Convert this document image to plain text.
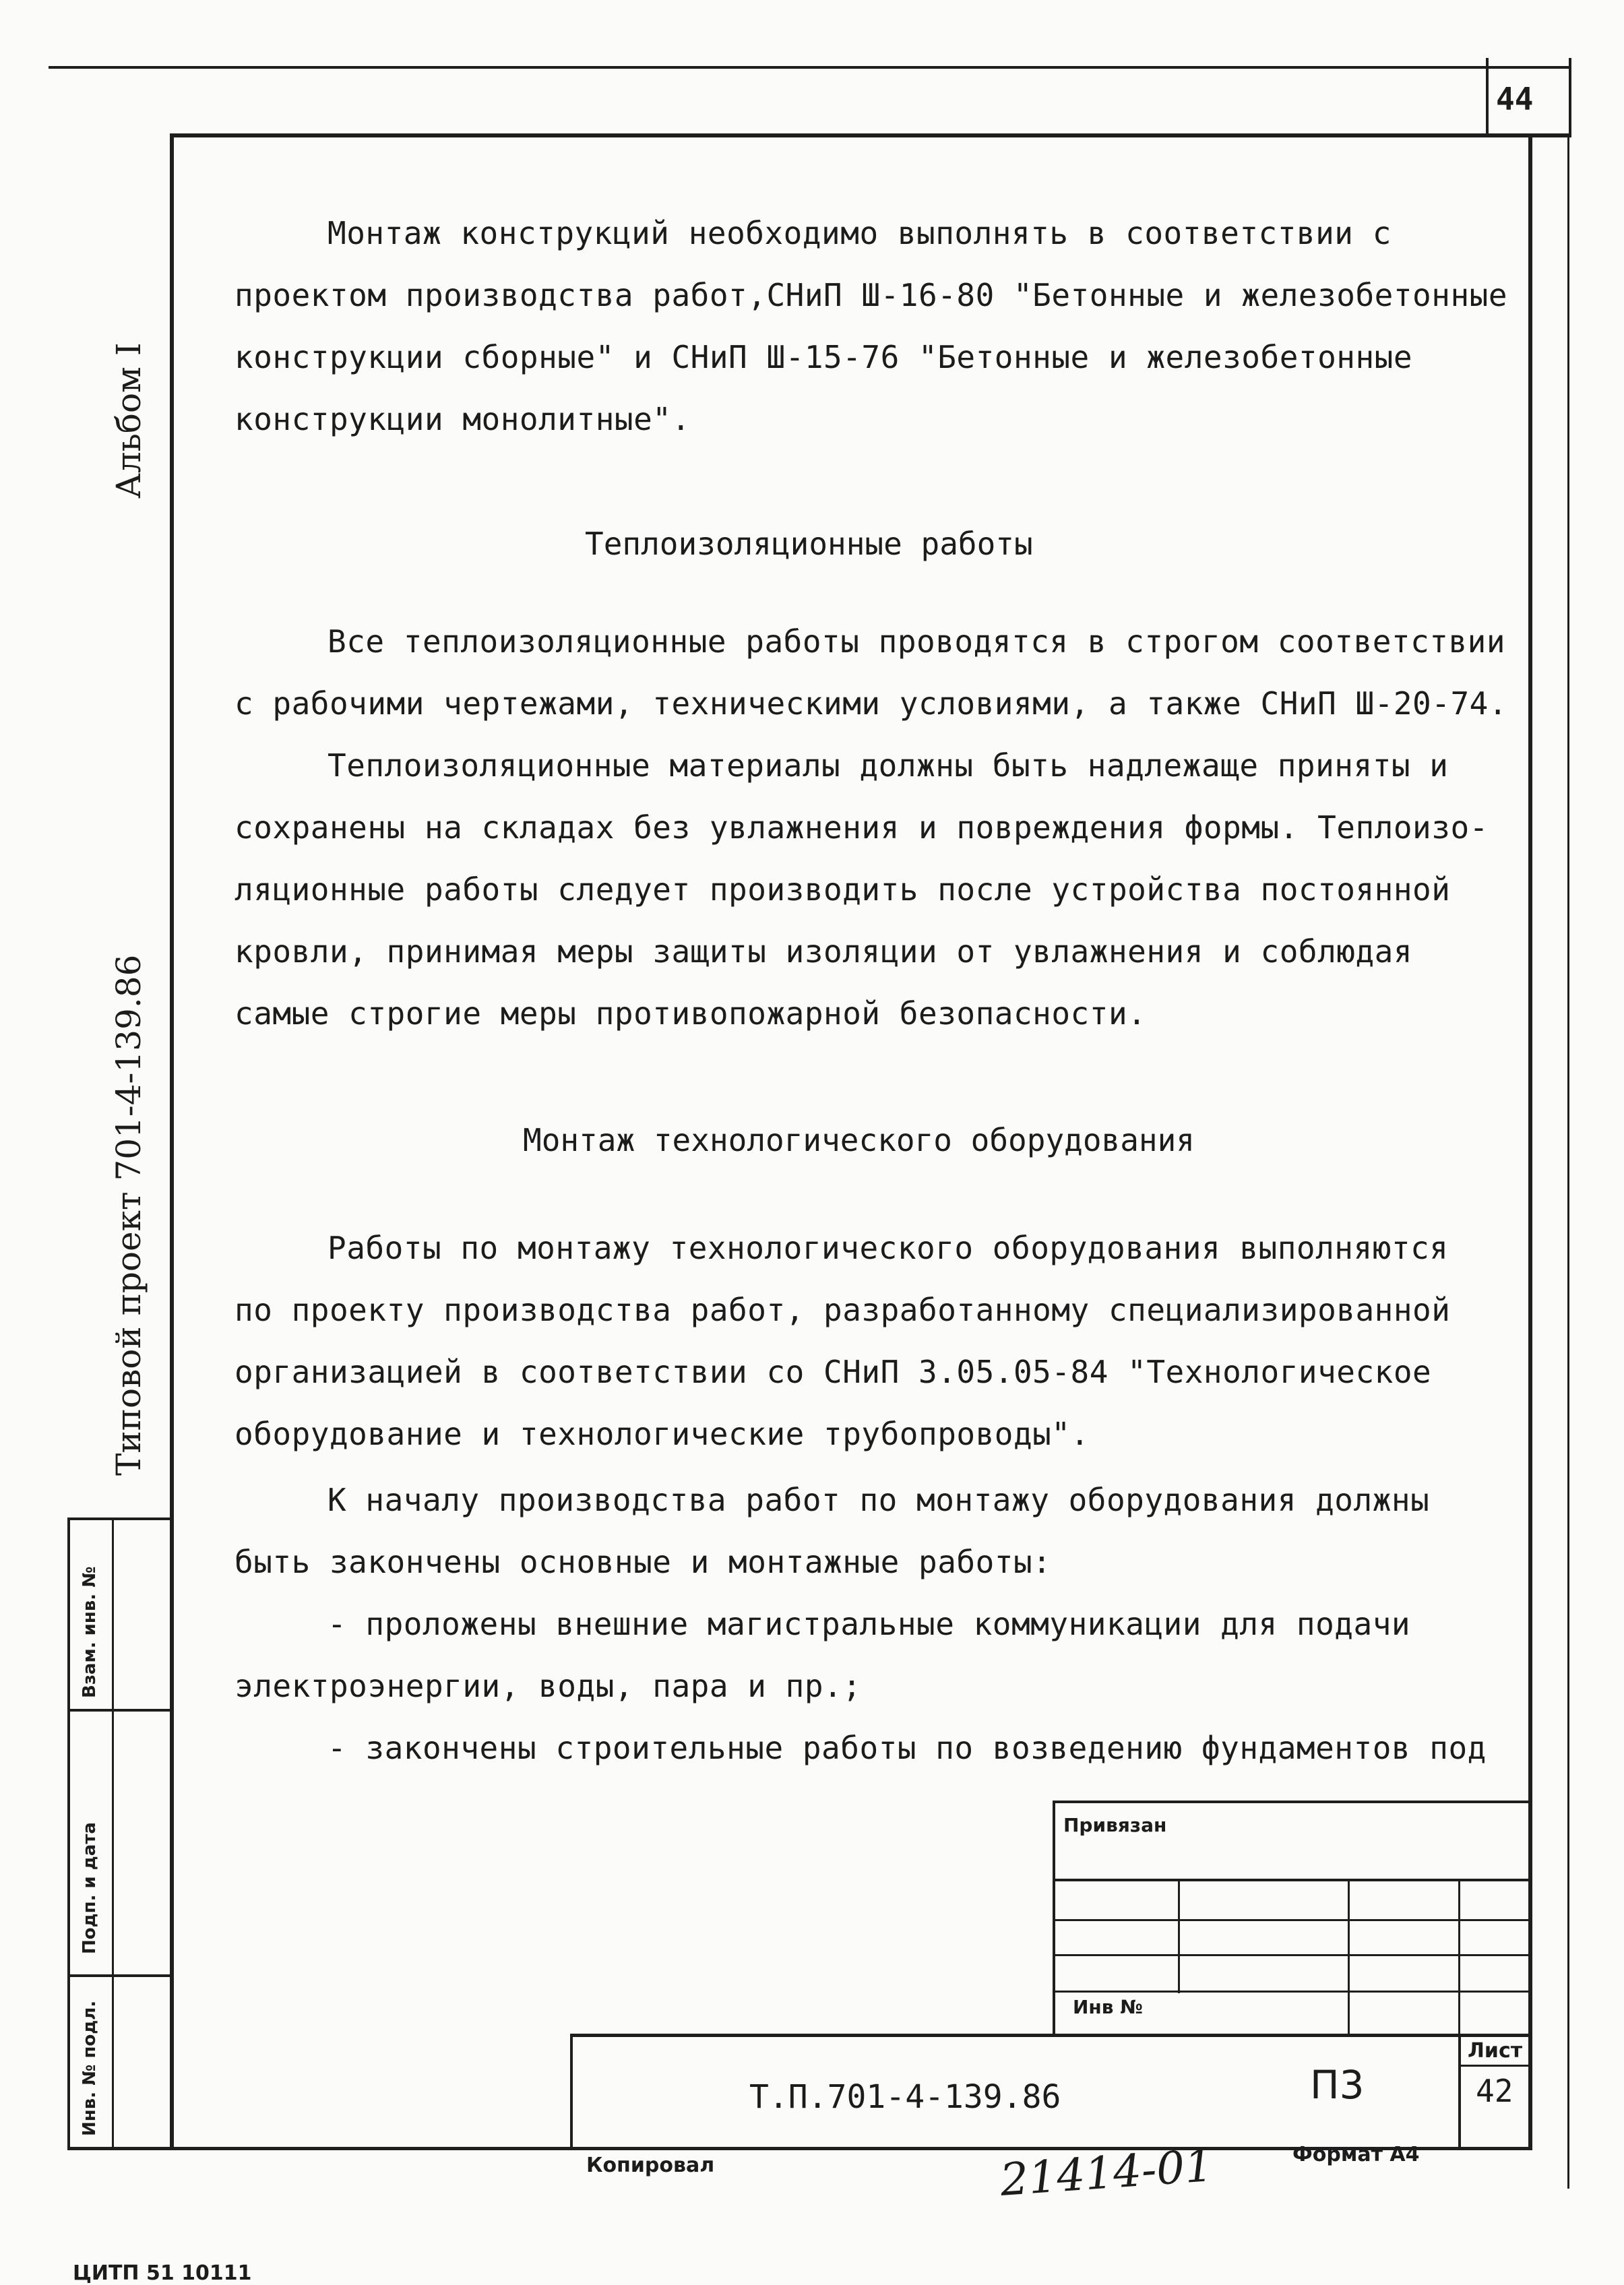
44
Альбом I
Типовой проект 701-4-139.86
Взам. инв. №
Подп. и дата
Инв. № подл.

Монтаж конструкций необходимо выполнять в соответствии с

проектом производства работ,СНиП Ш-16-80 "Бетонные и железобетонные

конструкции сборные" и СНиП Ш-15-76 "Бетонные и железобетонные

конструкции монолитные".

Теплоизоляционные работы

Все теплоизоляционные работы проводятся в строгом соответствии

с рабочими чертежами, техническими условиями, а также СНиП Ш-20-74.

Теплоизоляционные материалы должны быть надлежаще приняты и

сохранены на складах без увлажнения и повреждения формы. Теплоизо-

ляционные работы следует производить после устройства постоянной

кровли, принимая меры защиты изоляции от увлажнения и соблюдая

самые строгие меры противопожарной безопасности.

Монтаж технологического оборудования

Работы по монтажу технологического оборудования выполняются

по проекту производства работ, разработанному специализированной

организацией в соответствии со СНиП 3.05.05-84 "Технологическое

оборудование и технологические трубопроводы".

К началу производства работ по монтажу оборудования должны

быть закончены основные и монтажные работы:

- проложены внешние магистральные коммуникации для подачи

электроэнергии, воды, пара и пр.;

- закончены строительные работы по возведению фундаментов под

Привязан
Инв №
Лист
42
Т.П.701-4-139.86	П3
Копировал	Формат А4
21414-01
ЦИТП 51 10111
